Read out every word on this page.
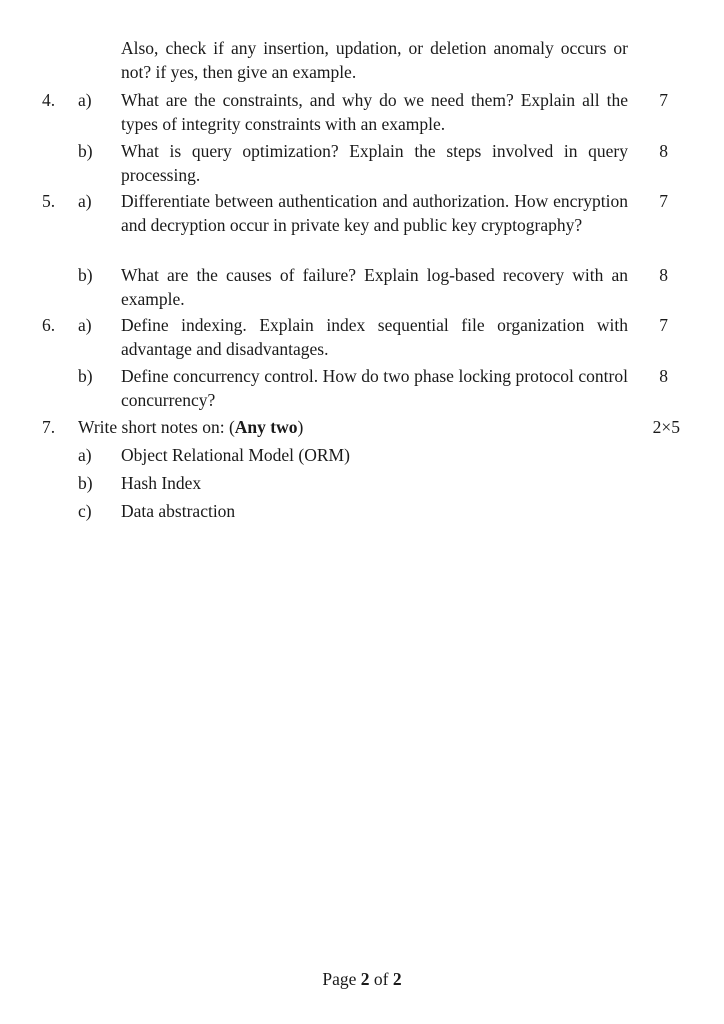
Also, check if any insertion, updation, or deletion anomaly occurs or not? if yes, then give an example.
4. a) What are the constraints, and why do we need them? Explain all the types of integrity constraints with an example.
7
b) What is query optimization? Explain the steps involved in query processing.
8
5. a) Differentiate between authentication and authorization. How encryption and decryption occur in private key and public key cryptography?
7
b) What are the causes of failure? Explain log-based recovery with an example.
8
6. a) Define indexing. Explain index sequential file organization with advantage and disadvantages.
7
b) Define concurrency control. How do two phase locking protocol control concurrency?
8
7. Write short notes on: (Any two)	2×5
a) Object Relational Model (ORM)
b) Hash Index
c) Data abstraction
Page 2 of 2
